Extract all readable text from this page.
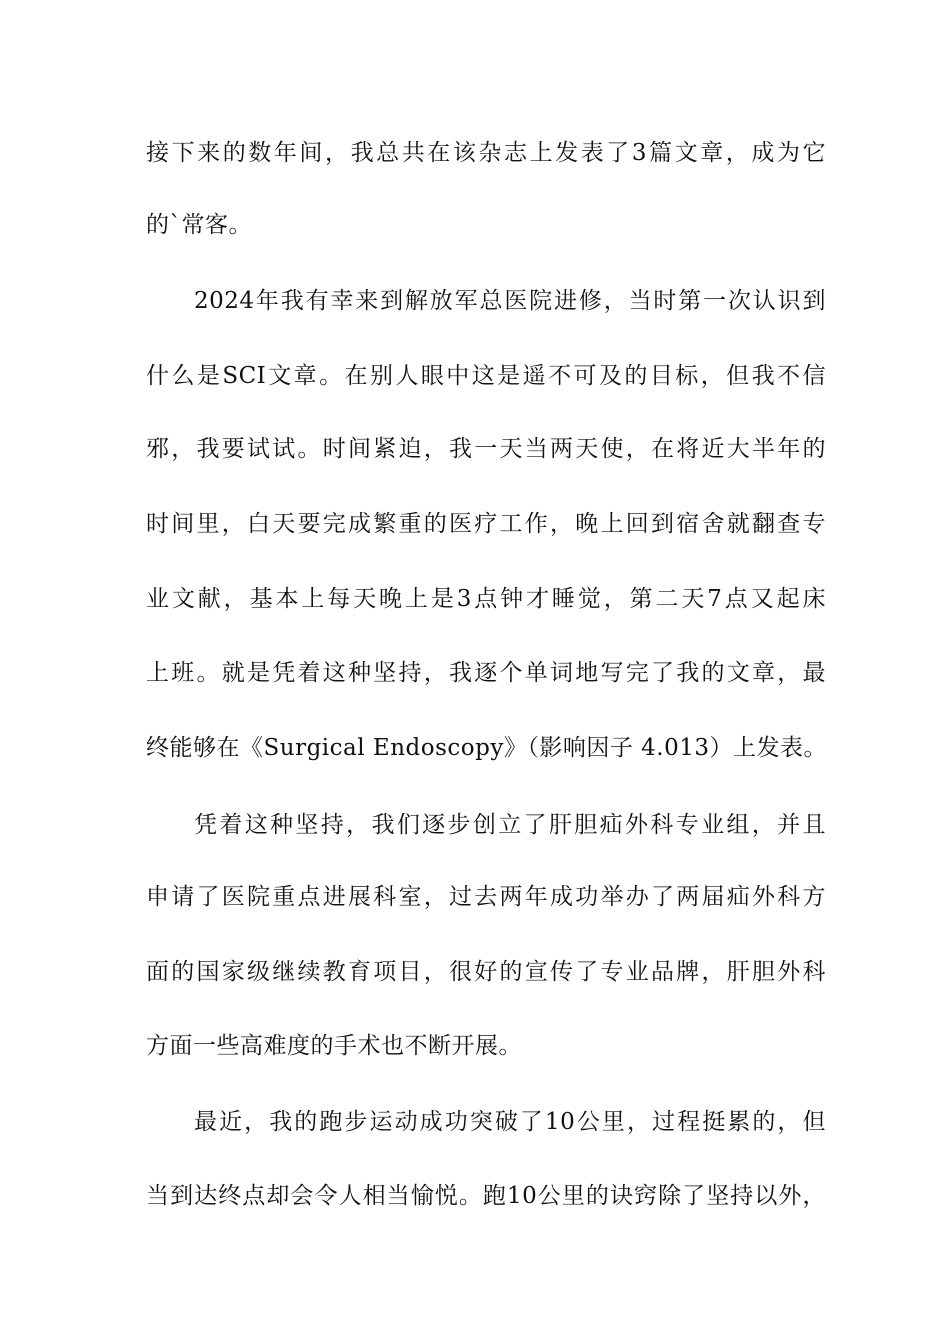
接下来的数年间，我总共在该杂志上发表了3篇文章，成为它

的`常客。

2024年我有幸来到解放军总医院进修，当时第一次认识到

什么是SCI文章。在别人眼中这是遥不可及的目标，但我不信

邪，我要试试。时间紧迫，我一天当两天使，在将近大半年的

时间里，白天要完成繁重的医疗工作，晚上回到宿舍就翻查专

业文献，基本上每天晚上是3点钟才睡觉，第二天7点又起床

上班。就是凭着这种坚持，我逐个单词地写完了我的文章，最

终能够在《Surgical Endoscopy》（影响因子 4.013）上发表。

凭着这种坚持，我们逐步创立了肝胆疝外科专业组，并且

申请了医院重点进展科室，过去两年成功举办了两届疝外科方

面的国家级继续教育项目，很好的宣传了专业品牌，肝胆外科

方面一些高难度的手术也不断开展。

最近，我的跑步运动成功突破了10公里，过程挺累的，但

当到达终点却会令人相当愉悦。跑10公里的诀窍除了坚持以外，
